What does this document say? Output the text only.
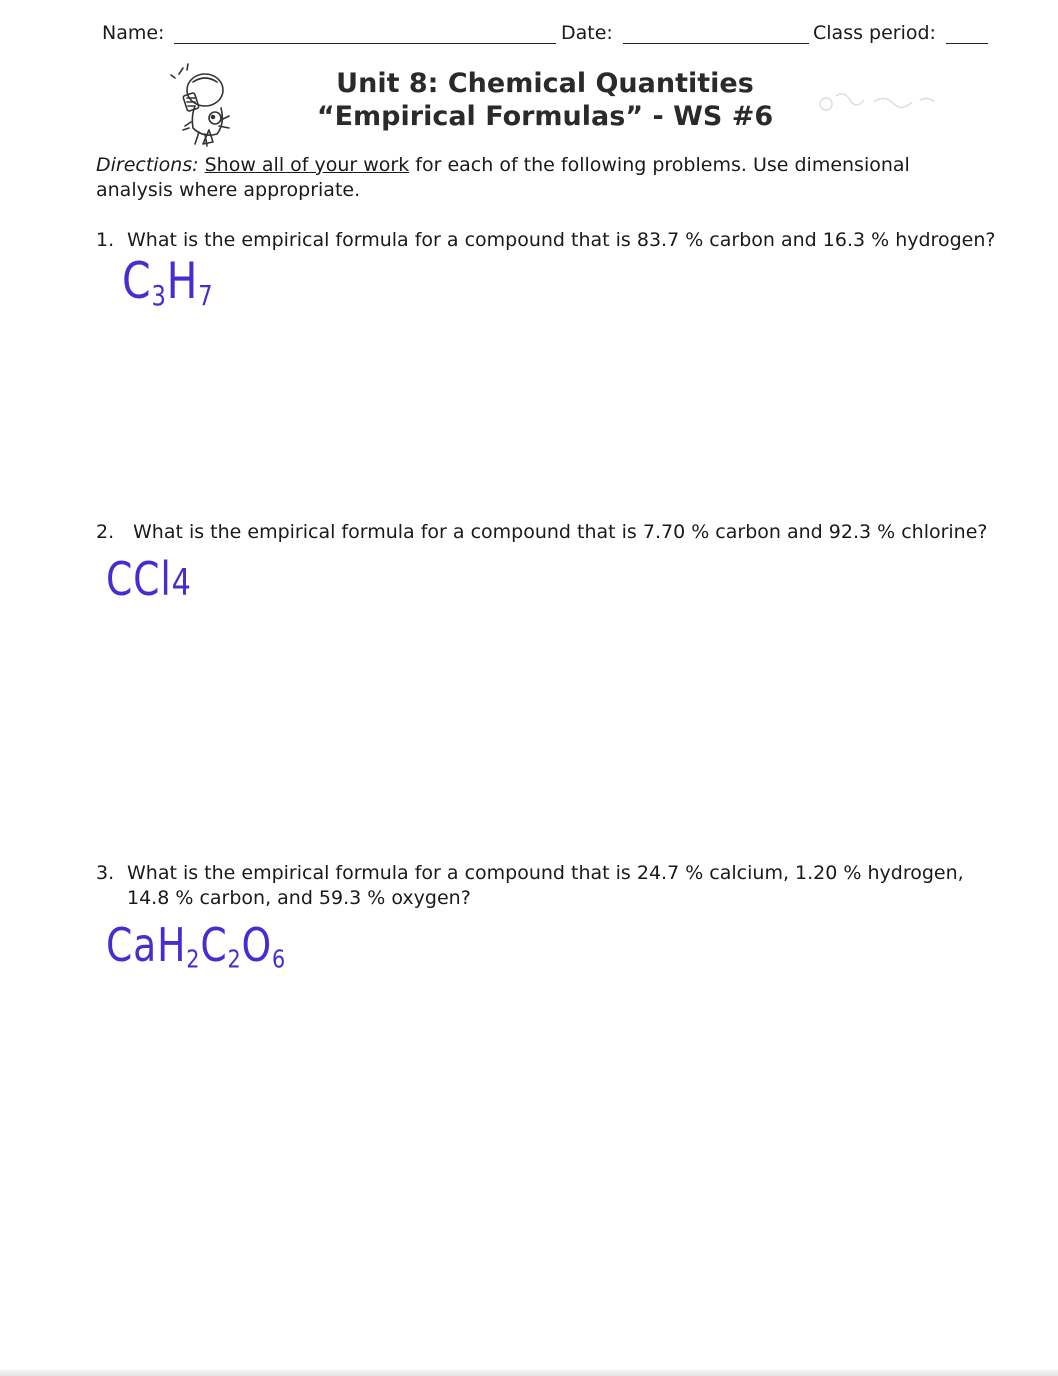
Name:	Date:	Class period:
Unit 8: Chemical Quantities
“Empirical Formulas” - WS #6
Directions: Show all of your work for each of the following problems. Use dimensional
analysis where appropriate.
1. What is the empirical formula for a compound that is 83.7 % carbon and 16.3 % hydrogen?
$C_3H_7$
2. What is the empirical formula for a compound that is 7.70 % carbon and 92.3 % chlorine?
CCl4
3. What is the empirical formula for a compound that is 24.7 % calcium, 1.20 % hydrogen,
14.8 % carbon, and 59.3 % oxygen?
$CaH_2C_2O_6$
